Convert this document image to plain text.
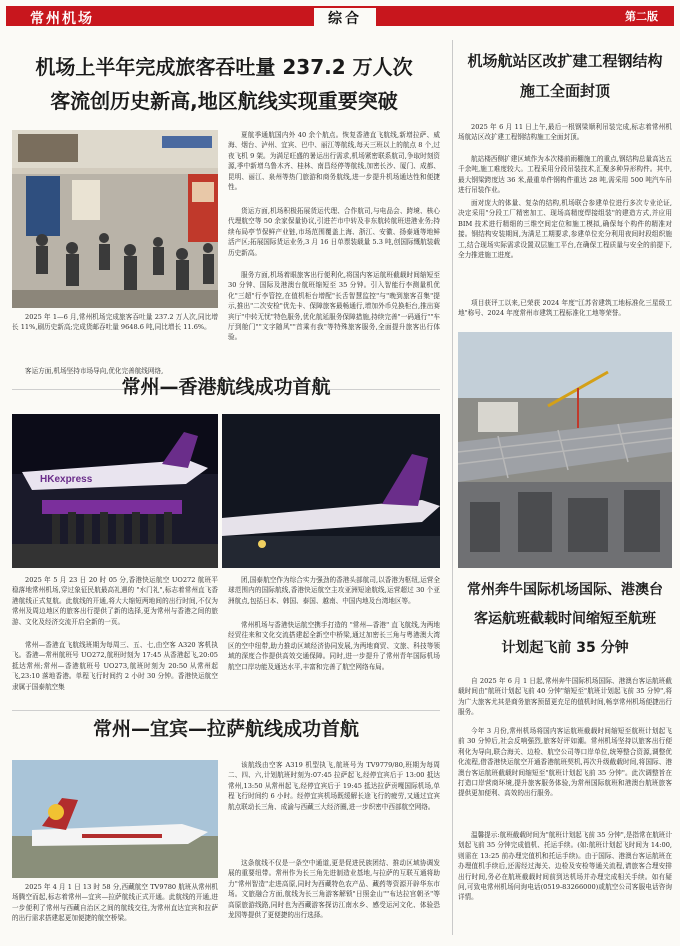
常州机场	综合	第二版
机场上半年完成旅客吞吐量 237.2 万人次
客流创历史新高,地区航线实现重要突破
2025 年 1—6 月,常州机场完成旅客吞吐量 237.2 万人次,同比增长 11%,刷历史新高;完成货邮吞吐量 9648.6 吨,同比增长 11.6%。
客运方面,机场坚持市场导向,优化完善航线网络,
夏航季通航国内外 40 余个航点。恢复香港直飞航线,新增拉萨、威海、烟台、泸州、宜宾、巴中、丽江等航线,每天三班以上的航点 8 个,过夜飞机 9 架。为满足旺盛的暑运出行需求,机场紧密联系航司,争取时刻资源,季中新增乌鲁木齐、桂林、南昌经停等航线,加密长沙、厦门、成都、昆明、丽江、泉州等热门旅游和商务航线,进一步提升机场通达性和便捷性。
货运方面,机场积极拓展货运代理、合作航司,与电品会、跨境、核心代理航空等 50 余家保量协议,引进芒市中转及非东航转航班进港业务;持续布局亭节保鲜产业链,市场范围覆盖上海、浙江、安徽、扬泰通等地鲜活产区;拓展国际货运业务,3 月 16 日单票装载量 5.3 吨,创国际慨航装载历史新高。
服务方面,机场着眼旅客出行便利化,将国内客运航班截载时间缩短至 30 分钟、国际及港澳台航班缩短至 35 分钟。引入智能行李测量机优化"三超"行李管控,在值机柜台增配"长舌智慧监控"与"晚到旅客召集"提示,推出"二次安检"优先卡、保障旅客最畅通行,增加外币兑换柜台,推出赛宾厅"中转无忧"特色服务,优化航延服务保障措施,持续完善"一码通行""车厅到舱门""文字随风""首乘有我"等特殊旅客服务,全面提升旅客出行体验。
常州—香港航线成功首航
HKexpress
2025 年 5 月 23 日 20 时 05 分,香港快运航空 UO272 航班平稳落地常州机场,穿过象征民航最高礼遇的 "水门礼",标志着常州直飞香港航线正式复航。此航线的开通,将大大缩短两地间的出行时间,不仅为常州及周边地区的旅客出行提供了新的选择,更为常州与香港之间的旅游、文化及经济交流开启全新的一页。
常州—香港直飞航线班期为每周三、五、七,由空客 A320 客机执飞。香港—常州航班号 UO272,航班时刻为 17:45 从香港起飞,20:05 抵达常州;常州—香港航班号 UO273,航班时刻为 20:50 从常州起飞,23:10 落地香港。单程飞行时间约 2 小时 30 分钟。香港快运航空隶属于国泰航空集
团,国泰航空作为综合实力强劲的香港头部航司,以香港为枢纽,运营全球范围内的国际航线,香港快运航空主攻亚洲短途航线,运营超过 30 个亚洲航点,包括日本、韩国、泰国、越南、中国内地及台湾地区等。
常州机场与香港快运航空携手打造的 "常州—香港" 直飞航线,为两地经贸往来和文化交流搭建起全新空中桥梁,通过加密长三角与粤港澳大湾区的空中纽带,助力推动区域经济协同发展,为两地商贸、文旅、科技等领域的深度合作提供高效交通保障。同时,进一步提升了常州青年国际机场航空口岸功能及通达水平,丰富和完善了航空网络布局。
常州—宜宾—拉萨航线成功首航
2025 年 4 月 1 日 13 时 58 分,西藏航空 TV9780 航班从常州机场腾空而起,标志着常州—宜宾—拉萨航线正式开通。此航线的开通,进一步便利了常州与西藏自治区之间的航线交往,为常州直达宜宾和拉萨的出行需求搭建起更加便捷的航空桥梁。
该航线由空客 A319 机型执飞,航班号为 TV9779/80,班期为每周二、四、六,计划航班时刻为:07:45 拉萨起飞,经停宜宾后于 13:00 抵达常州,13:50 从常州起飞,经停宜宾后于 19:45 抵达拉萨贡嘎国际机场,单程飞行时间约 6 小时。经停宜宾机场既缓解长途飞行的疲劳,又通过宜宾航点联动长三角、成渝与西藏三大经济圈,进一步织密中西部航空网络。
这条航线不仅是一条空中通道,更是促进民族团结、推动区域协调发展的重要纽带。常州作为长三角先进制造业基地,与拉萨的互联互通将助力"常州智造"走进高原,同时为西藏特色农产品、藏药等资源开辟华东市场。文旅融合方面,航线为长三角游客解锁"日照金山""布达拉宫朝圣"等高原旅游线路,同时也为西藏游客探访江南水乡、感受运河文化、体验恐龙园等提供了更便捷的出行选择。
机场航站区改扩建工程钢结构
施工全面封顶
2025 年 6 月 11 日上午,最后一根钢梁顺利吊装完成,标志着常州机场航站区改扩建工程钢结构施工全面封顶。
航站楼西侧扩建区域作为本次楼前雨棚施工的重点,钢结构总量高达五千余吨,施工难度较大。工程采用分段吊装技术,汇聚多种异形构件。其中,最大钢梁跨度达 36 米,最重单件钢构件重达 28 吨,需采用 500 吨汽车吊进行吊装作业。
面对庞大的体量、复杂的结构,机场联合参建单位进行多次专业论证,决定采用"分段工厂精密加工、现场高精度焊接组装"的建造方式,并应用 BIM 技术进行精细的三维空间定位和施工模拟,确保每个构件的精准对接。钢结构安装期间,为满足工期要求,参建单位充分利用夜间时段组织施工,结合现场实际需求设置双层施工平台,在确保工程质量与安全的前提下,全力推进施工进度。
项目获评工以来,已荣获 2024 年度"江苏省建筑工地标准化三星级工地"称号、2024 年度常州市建筑工程标准化工地等荣誉。
常州奔牛国际机场国际、港澳台
客运航班截载时间缩短至航班
计划起飞前 35 分钟
自 2025 年 6 月 1 日起,常州奔牛国际机场国际、港澳台客运航班截载时间由"航班计划起飞前 40 分钟"缩短至"航班计划起飞前 35 分钟",将为广大旅客尤其是商务旅客预留更充足的值机时间,畅享常州机场便捷出行服务。
今年 3 月份,常州机场将国内客运航班截载时间缩短至航班计划起飞前 30 分钟后,社会反响强烈,旅客好评如潮。常州机场坚持以旅客出行便利化为导向,联合海关、边检、航空公司等口岸单位,统筹整合资源,调整优化流程,借香港快运航空开通香港航班契机,再次升级截载时间,将国际、港澳台客运航班截载时间缩短至"航班计划起飞前 35 分钟"。此次调整旨在打造口岸营商环境,提升旅客服务体验,为常州国际航班和港澳台航班旅客提供更加便利、高效的出行服务。
温馨提示:航班截载时间为"航班计划起飞前 35 分钟",是指常在航班计划起飞前 35 分钟完成值机、托运手续。(如:航班计划起飞时间为 14:00,则需在 13:25 前办理完值机和托运手续)。由于国际、港澳台客运航班在办理值机手续后,还需经过海关、边检及安检等通关流程,请旅客合理安排出行时间,务必在航班截载时间前到达机场并办理完成相关手续。如有疑问,可致电常州机场问询电话(0519-83266000)或航空公司客服电话咨询详情。
